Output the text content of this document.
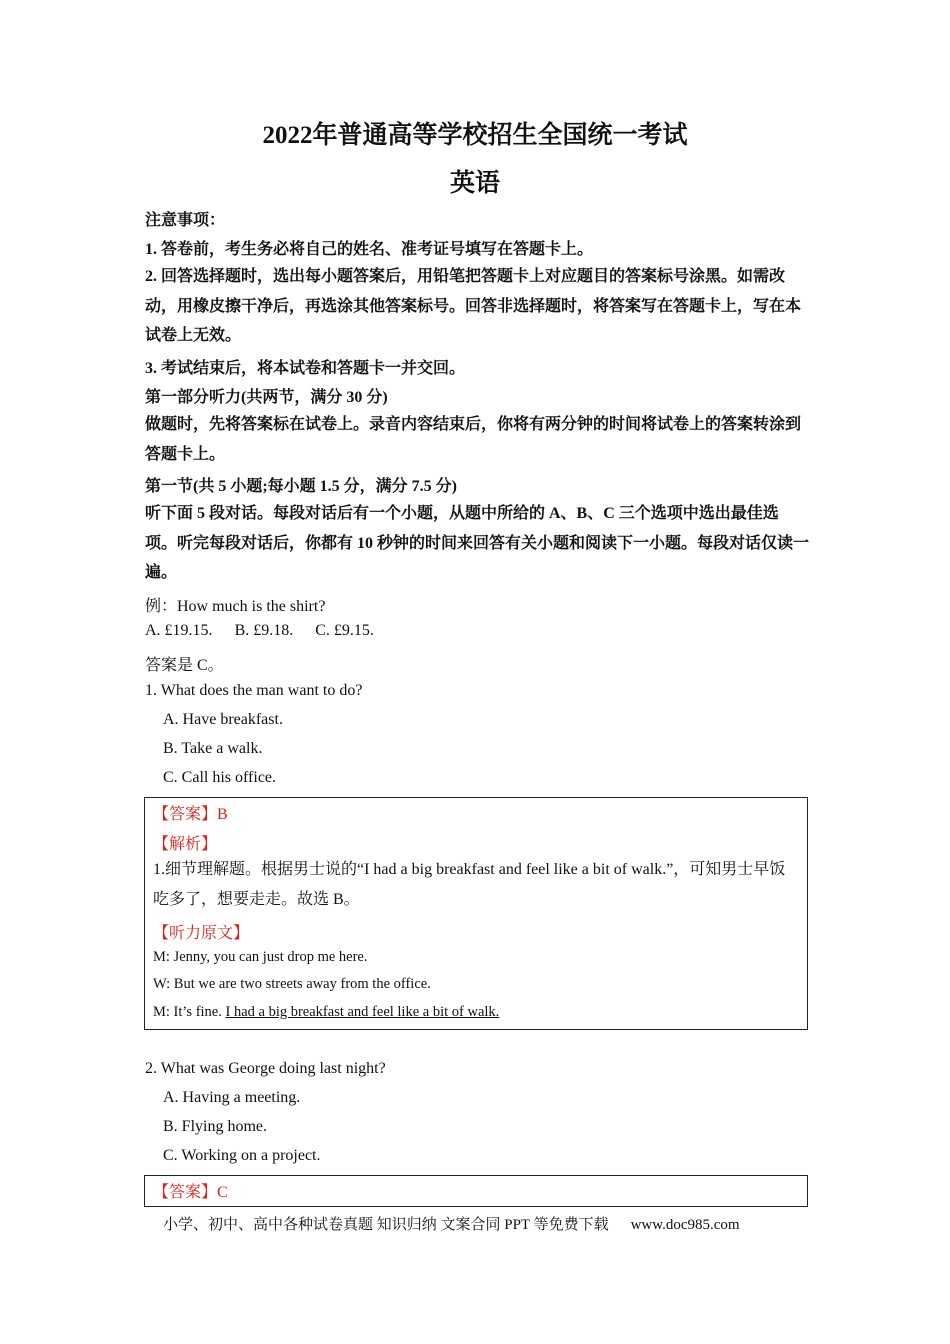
2022年普通高等学校招生全国统一考试
英语
注意事项：
1. 答卷前，考生务必将自己的姓名、准考证号填写在答题卡上。
2. 回答选择题时，选出每小题答案后，用铅笔把答题卡上对应题目的答案标号涂黑。如需改动，用橡皮擦干净后，再选涂其他答案标号。回答非选择题时，将答案写在答题卡上，写在本试卷上无效。
3. 考试结束后，将本试卷和答题卡一并交回。
第一部分听力(共两节，满分 30 分)
做题时，先将答案标在试卷上。录音内容结束后，你将有两分钟的时间将试卷上的答案转涂到答题卡上。
第一节(共 5 小题;每小题 1.5 分，满分 7.5 分)
听下面 5 段对话。每段对话后有一个小题，从题中所给的 A、B、C 三个选项中选出最佳选项。听完每段对话后，你都有 10 秒钟的时间来回答有关小题和阅读下一小题。每段对话仅读一遍。
例：How much is the shirt?
A. £19.15. B. £9.18. C. £9.15.
答案是 C。
1. What does the man want to do?
A. Have breakfast.
B. Take a walk.
C. Call his office.
【答案】B
【解析】
1.细节理解题。根据男士说的“I had a big breakfast and feel like a bit of walk.”，可知男士早饭吃多了，想要走走。故选 B。
【听力原文】
M: Jenny, you can just drop me here.
W: But we are two streets away from the office.
M: It’s fine. I had a big breakfast and feel like a bit of walk.
2. What was George doing last night?
A. Having a meeting.
B. Flying home.
C. Working on a project.
【答案】C
小学、初中、高中各种试卷真题 知识归纳 文案合同 PPT 等免费下载 www.doc985.com
